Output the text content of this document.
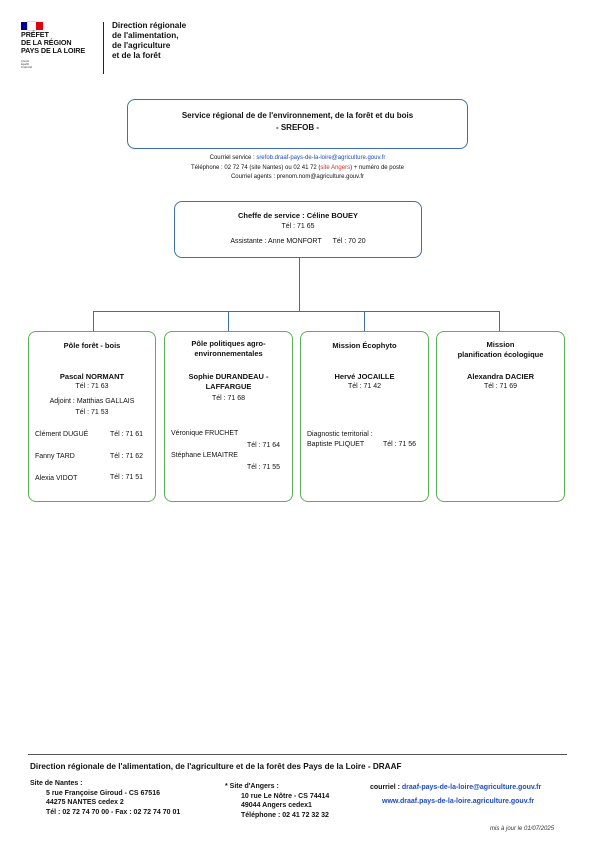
PRÉFET
DE LA RÉGION
PAYS DE LA LOIRE
Liberté
Égalité
Fraternité
Direction régionale
de l'alimentation,
de l'agriculture
et de la forêt
Service régional de de l'environnement, de la forêt et du bois
- SREFOB -
Courriel service : srefob.draaf-pays-de-la-loire@agriculture.gouv.fr
Téléphone : 02 72 74 (site Nantes) ou 02 41 72 (site Angers) + numéro de poste
Courriel agents : prenom.nom@agriculture.gouv.fr
Cheffe de service : Céline BOUEY
Tél : 71 65
Assistante : Anne MONFORT Tél : 70 20
Pôle forêt - bois
Pascal NORMANT
Tél : 71 63
Adjoint : Matthias GALLAIS
Tél : 71 53
Clément DUGUÉ	Tél : 71 61
Fanny TARD	Tél : 71 62
Alexia VIDOT	Tél : 71 51
Pôle politiques agro-
environnementales
Sophie DURANDEAU -
LAFFARGUE
Tél : 71 68
Véronique FRUCHET
Tél : 71 64
Stéphane LEMAITRE
Tél : 71 55
Mission Écophyto
Hervé JOCAILLE
Tél : 71 42
Diagnostic territorial :
Baptiste PLIQUET	Tél : 71 56
Mission
planification écologique
Alexandra DACIER
Tél : 71 69
Direction régionale de l'alimentation, de l'agriculture et de la forêt des Pays de la Loire - DRAAF
Site de Nantes :
5 rue Françoise Giroud - CS 67516
44275 NANTES cedex 2
Tél : 02 72 74 70 00 - Fax : 02 72 74 70 01
* Site d'Angers :
10 rue Le Nôtre - CS 74414
49044 Angers cedex1
Téléphone : 02 41 72 32 32
courriel : draaf-pays-de-la-loire@agriculture.gouv.fr
www.draaf.pays-de-la-loire.agriculture.gouv.fr
mis à jour le 01/07/2025
